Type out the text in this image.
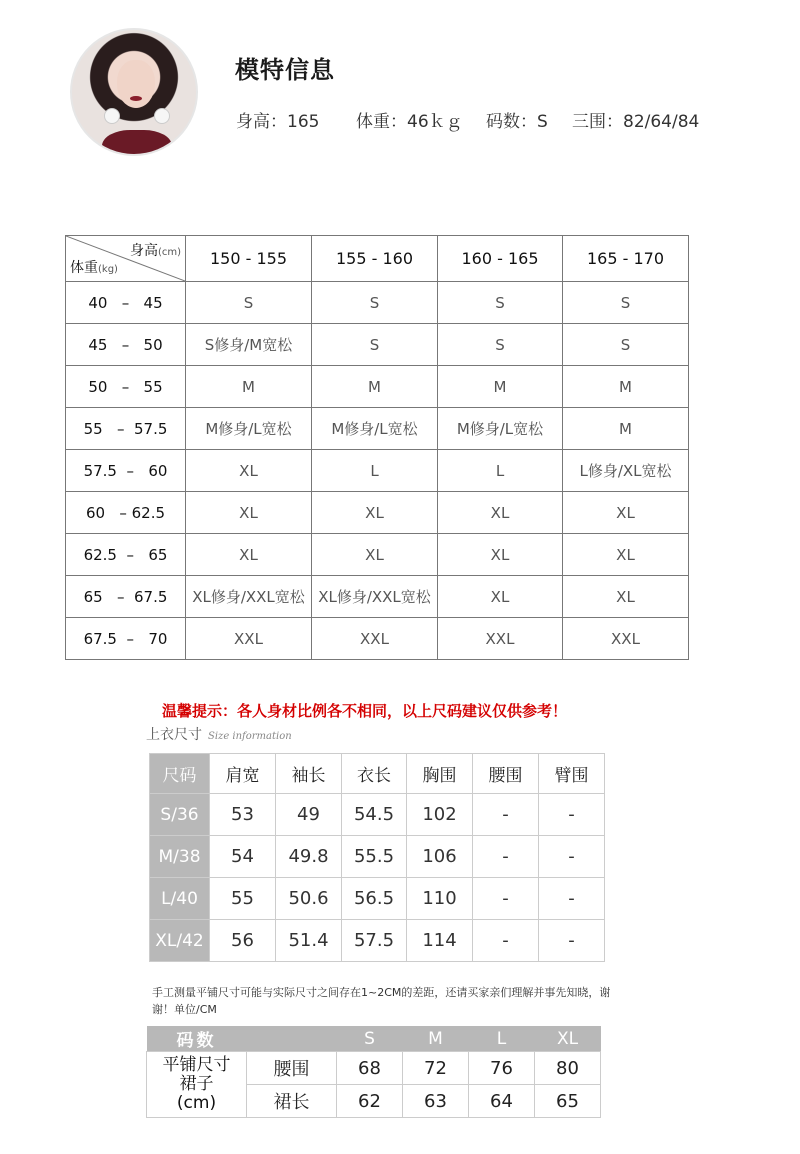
模特信息
身高：165 体重：46ｋｇ 码数：S 三围：82/64/84
身高(cm)
体重(kg)	150 - 155	155 - 160	160 - 165	165 - 170
40   –   45	S	S	S	S
45   –   50	S修身/M宽松	S	S	S
50   –   55	M	M	M	M
55   –  57.5	M修身/L宽松	M修身/L宽松	M修身/L宽松	M
57.5  –   60	XL	L	L	L修身/XL宽松
60   – 62.5	XL	XL	XL	XL
62.5  –   65	XL	XL	XL	XL
65   –  67.5	XL修身/XXL宽松	XL修身/XXL宽松	XL	XL
67.5  –   70	XXL	XXL	XXL	XXL
温馨提示：各人身材比例各不相同，以上尺码建议仅供参考！
上衣尺寸 Size information
尺码	肩宽	袖长	衣长	胸围	腰围	臂围
S/36	53	49	54.5	102	-	-
M/38	54	49.8	55.5	106	-	-
L/40	55	50.6	56.5	110	-	-
XL/42	56	51.4	57.5	114	-	-
手工测量平铺尺寸可能与实际尺寸之间存在1~2CM的差距，还请买家亲们理解并事先知晓，谢谢！单位/CM
码数		S	M	L	XL
平铺尺寸
裙子
(cm)	腰围	68	72	76	80
	裙长	62	63	64	65
